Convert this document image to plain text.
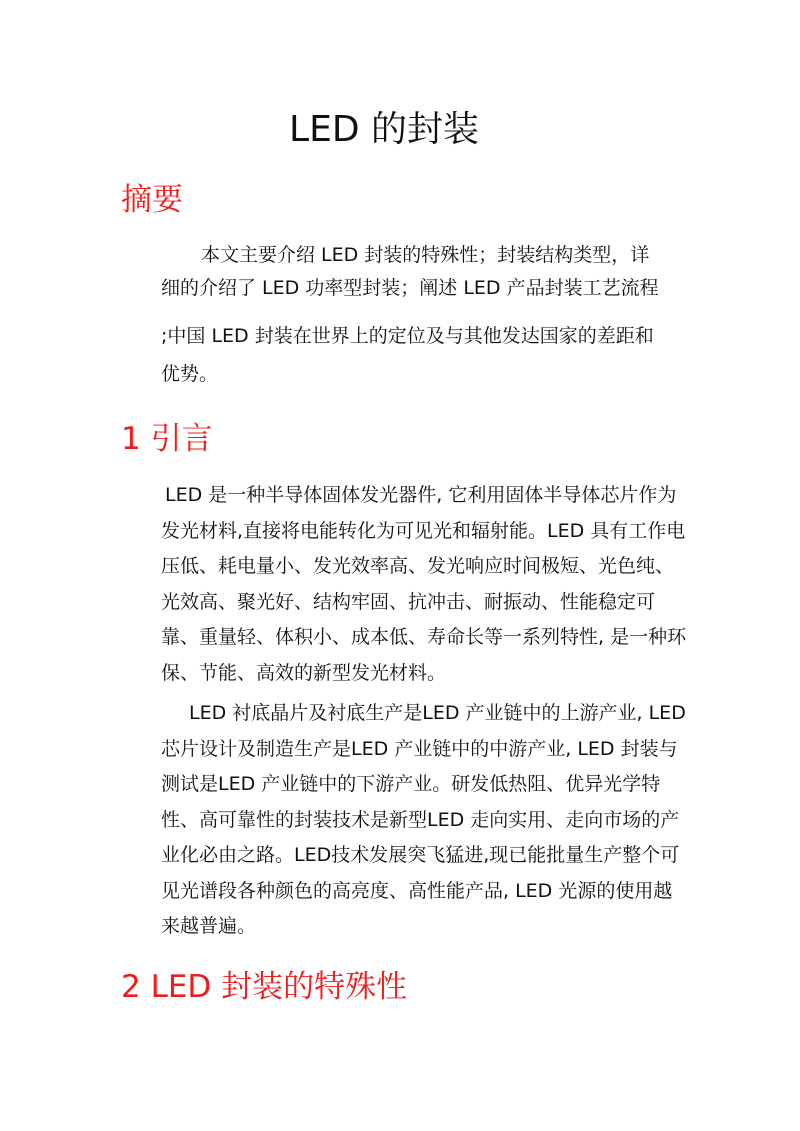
LED 的封装
摘要
本文主要介绍 LED 封装的特殊性；封装结构类型，详
细的介绍了 LED 功率型封装；阐述 LED 产品封装工艺流程
;中国 LED 封装在世界上的定位及与其他发达国家的差距和
优势。
1 引言

LED 是一种半导体固体发光器件, 它利用固体半导体芯片作为发光材料,直接将电能转化为可见光和辐射能。LED 具有工作电压低、耗电量小、发光效率高、发光响应时间极短、光色纯、光效高、聚光好、结构牢固、抗冲击、耐振动、性能稳定可靠、重量轻、体积小、成本低、寿命长等一系列特性, 是一种环保、节能、高效的新型发光材料。

LED 衬底晶片及衬底生产是LED 产业链中的上游产业, LED 芯片设计及制造生产是LED 产业链中的中游产业, LED 封装与测试是LED 产业链中的下游产业。研发低热阻、优异光学特性、高可靠性的封装技术是新型LED 走向实用、走向市场的产业化必由之路。LED技术发展突飞猛进,现已能批量生产整个可见光谱段各种颜色的高亮度、高性能产品, LED 光源的使用越来越普遍。

2 LED 封装的特殊性
